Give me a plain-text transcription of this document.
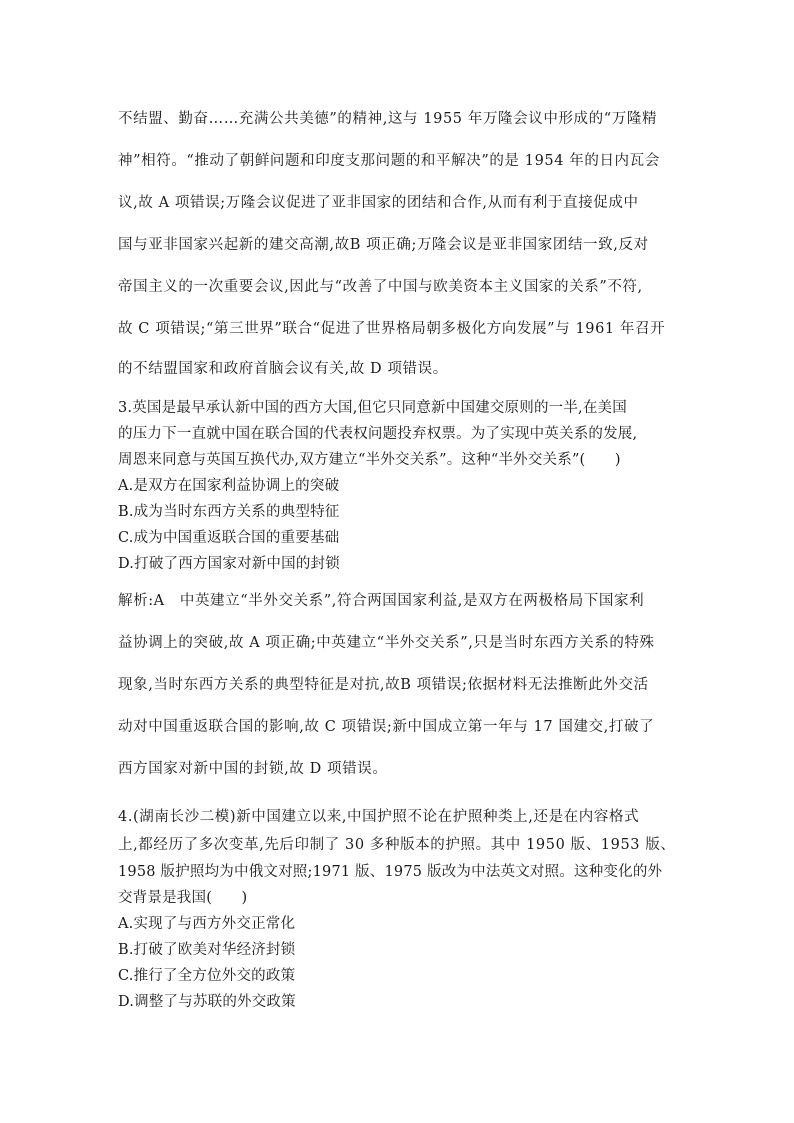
不结盟、勤奋……充满公共美德”的精神,这与 1955 年万隆会议中形成的“万隆精
神”相符。“推动了朝鲜问题和印度支那问题的和平解决”的是 1954 年的日内瓦会
议,故 A 项错误;万隆会议促进了亚非国家的团结和合作,从而有利于直接促成中
国与亚非国家兴起新的建交高潮,故B 项正确;万隆会议是亚非国家团结一致,反对
帝国主义的一次重要会议,因此与“改善了中国与欧美资本主义国家的关系”不符,
故 C 项错误;“第三世界”联合“促进了世界格局朝多极化方向发展”与 1961 年召开
的不结盟国家和政府首脑会议有关,故 D 项错误。
3.英国是最早承认新中国的西方大国,但它只同意新中国建交原则的一半,在美国
的压力下一直就中国在联合国的代表权问题投弃权票。为了实现中英关系的发展,
周恩来同意与英国互换代办,双方建立“半外交关系”。这种“半外交关系”(　　)
A.是双方在国家利益协调上的突破
B.成为当时东西方关系的典型特征
C.成为中国重返联合国的重要基础
D.打破了西方国家对新中国的封锁
解析:A　中英建立“半外交关系”,符合两国国家利益,是双方在两极格局下国家利
益协调上的突破,故 A 项正确;中英建立“半外交关系”,只是当时东西方关系的特殊
现象,当时东西方关系的典型特征是对抗,故B 项错误;依据材料无法推断此外交活
动对中国重返联合国的影响,故 C 项错误;新中国成立第一年与 17 国建交,打破了
西方国家对新中国的封锁,故 D 项错误。
4.(湖南长沙二模)新中国建立以来,中国护照不论在护照种类上,还是在内容格式
上,都经历了多次变革,先后印制了 30 多种版本的护照。其中 1950 版、1953 版、
1958 版护照均为中俄文对照;1971 版、1975 版改为中法英文对照。这种变化的外
交背景是我国(　　)
A.实现了与西方外交正常化
B.打破了欧美对华经济封锁
C.推行了全方位外交的政策
D.调整了与苏联的外交政策
